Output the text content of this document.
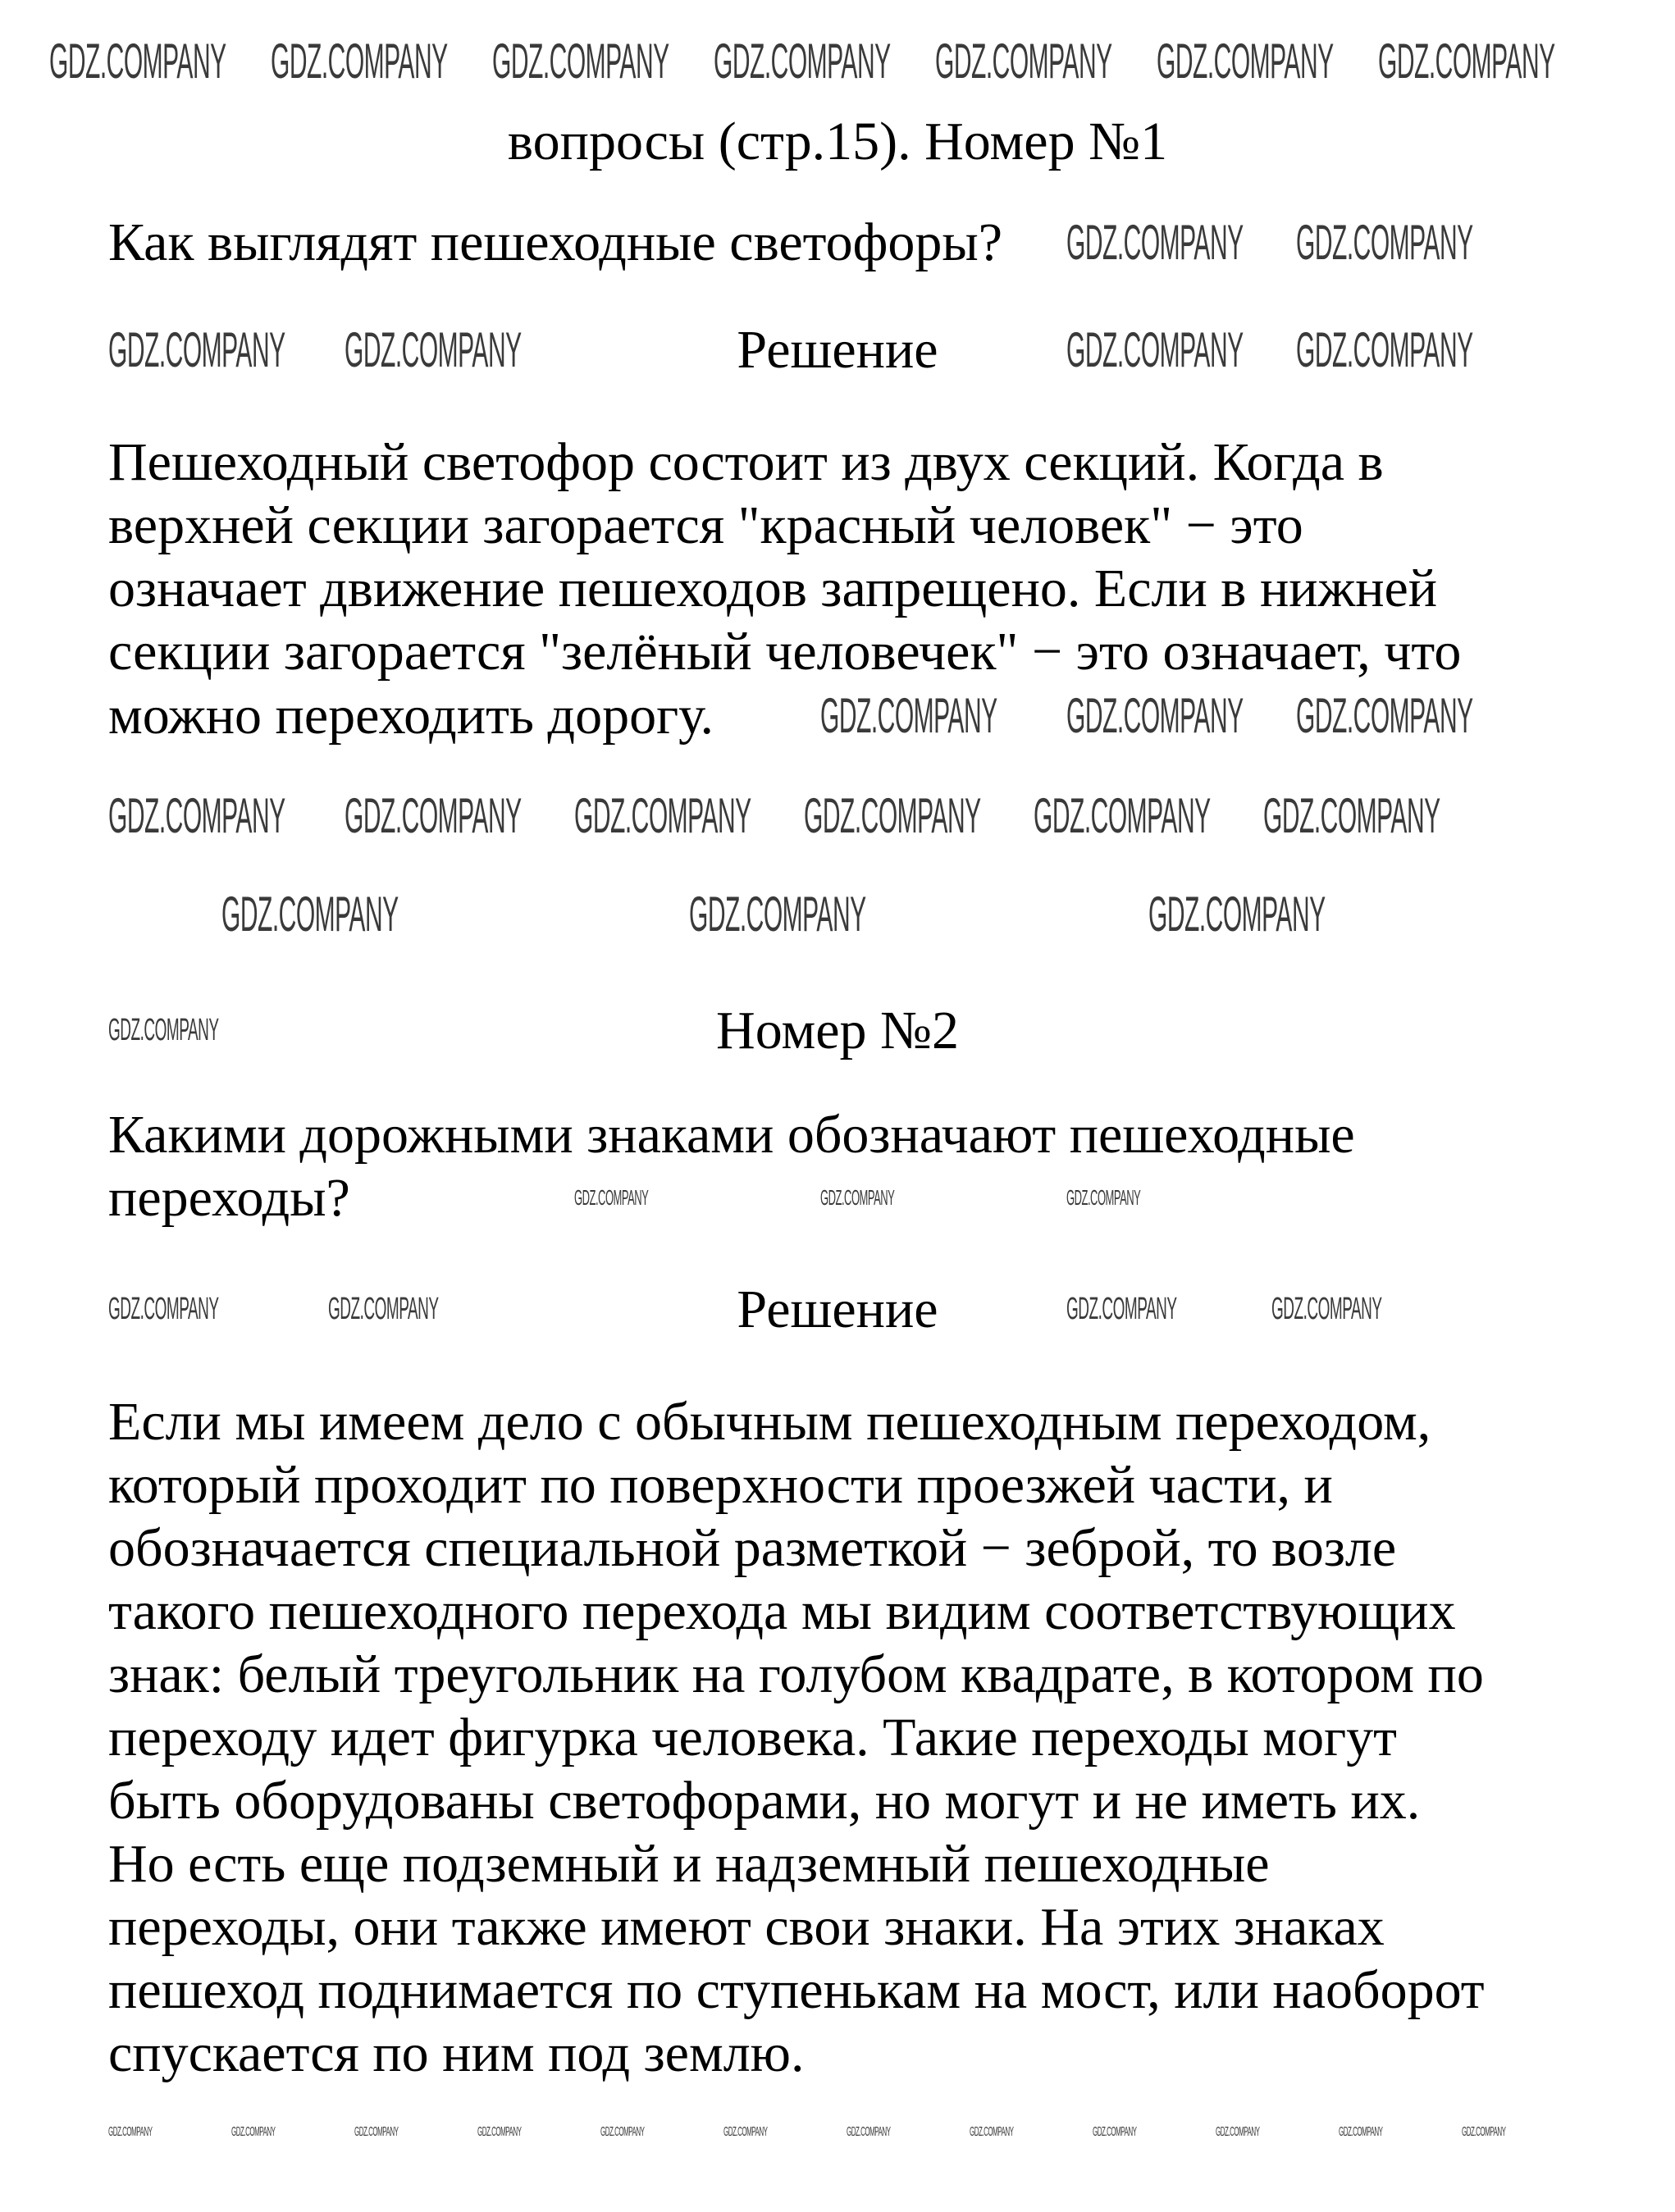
вопросы (стр.15). Номер №1
Как выглядят пешеходные светофоры?
Решение
Пешеходный светофор состоит из двух секций. Когда в
верхней секции загорается "красный человек" − это
означает движение пешеходов запрещено. Если в нижней
секции загорается "зелёный человечек" − это означает, что
можно переходить дорогу.
Номер №2
Какими дорожными знаками обозначают пешеходные
переходы?
Решение
Если мы имеем дело с обычным пешеходным переходом,
который проходит по поверхности проезжей части, и
обозначается специальной разметкой − зеброй, то возле
такого пешеходного перехода мы видим соответствующих
знак: белый треугольник на голубом квадрате, в котором по
переходу идет фигурка человека. Такие переходы могут
быть оборудованы светофорами, но могут и не иметь их.
Но есть еще подземный и надземный пешеходные
переходы, они также имеют свои знаки. На этих знаках
пешеход поднимается по ступенькам на мост, или наоборот
спускается по ним под землю.
GDZ.COMPANY GDZ.COMPANY GDZ.COMPANY GDZ.COMPANY GDZ.COMPANY GDZ.COMPANY GDZ.COMPANY
GDZ.COMPANY GDZ.COMPANY
GDZ.COMPANY GDZ.COMPANY	GDZ.COMPANY GDZ.COMPANY
GDZ.COMPANY GDZ.COMPANY GDZ.COMPANY
GDZ.COMPANY GDZ.COMPANY GDZ.COMPANY GDZ.COMPANY GDZ.COMPANY GDZ.COMPANY
GDZ.COMPANY	GDZ.COMPANY	GDZ.COMPANY
GDZ.COMPANY
GDZ.COMPANY	GDZ.COMPANY	GDZ.COMPANY	GDZ.COMPANY
GDZ.COMPANY	GDZ.COMPANY	GDZ.COMPANY
GDZ.COMPANY	GDZ.COMPANY	GDZ.COMPANY	GDZ.COMPANY	GDZ.COMPANY	GDZ.COMPANY	GDZ.COMPANY	GDZ.COMPANY	GDZ.COMPANY	GDZ.COMPANY	GDZ.COMPANY	GDZ.COMPANY
